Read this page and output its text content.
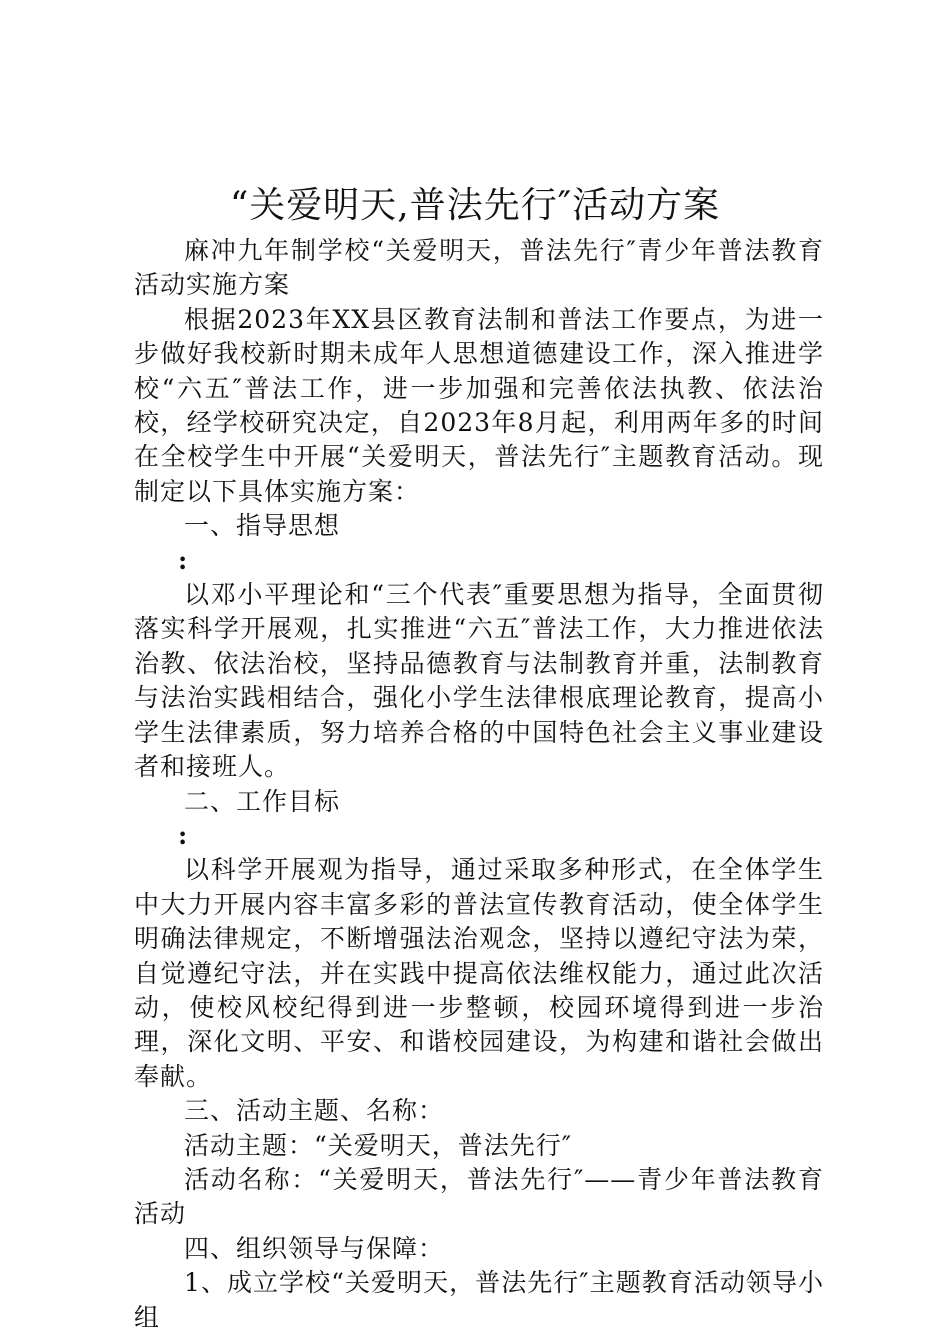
“关爱明天,普法先行″活动方案

麻冲九年制学校“关爱明天，普法先行″青少年普法教育活动实施方案

根据2023年XX县区教育法制和普法工作要点，为进一步做好我校新时期未成年人思想道德建设工作，深入推进学校“六五″普法工作，进一步加强和完善依法执教、依法治校，经学校研究决定，自2023年8月起，利用两年多的时间在全校学生中开展“关爱明天，普法先行″主题教育活动。现制定以下具体实施方案：

一、指导思想

:

以邓小平理论和“三个代表″重要思想为指导，全面贯彻落实科学开展观，扎实推进“六五″普法工作，大力推进依法治教、依法治校，坚持品德教育与法制教育并重，法制教育与法治实践相结合，强化小学生法律根底理论教育，提高小学生法律素质，努力培养合格的中国特色社会主义事业建设者和接班人。

二、工作目标

:

以科学开展观为指导，通过采取多种形式，在全体学生中大力开展内容丰富多彩的普法宣传教育活动，使全体学生明确法律规定，不断增强法治观念，坚持以遵纪守法为荣，自觉遵纪守法，并在实践中提高依法维权能力，通过此次活动，使校风校纪得到进一步整顿，校园环境得到进一步治理，深化文明、平安、和谐校园建设，为构建和谐社会做出奉献。

三、活动主题、名称：

活动主题：“关爱明天，普法先行″

活动名称：“关爱明天，普法先行″——青少年普法教育活动

四、组织领导与保障：

1、成立学校“关爱明天，普法先行″主题教育活动领导小组
